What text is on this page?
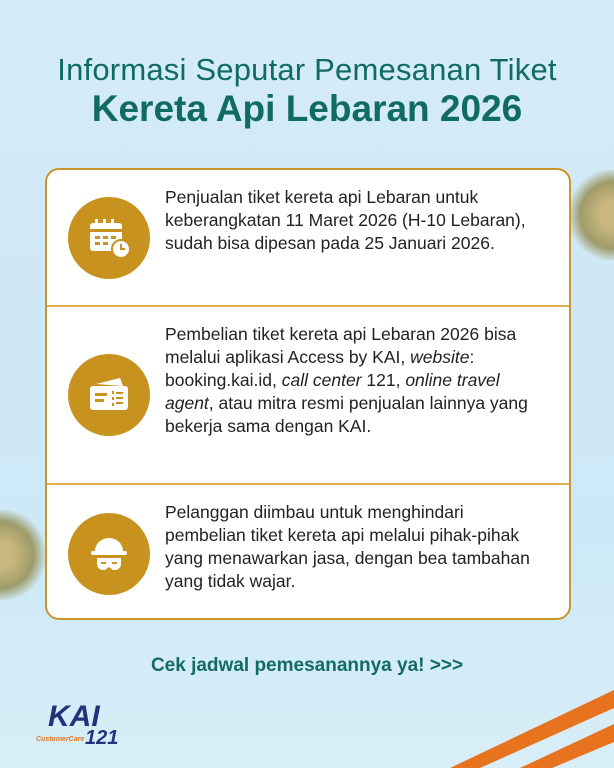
Informasi Seputar Pemesanan Tiket
Kereta Api Lebaran 2026
Penjualan tiket kereta api Lebaran untuk keberangkatan 11 Maret 2026 (H-10 Lebaran), sudah bisa dipesan pada 25 Januari 2026.
Pembelian tiket kereta api Lebaran 2026 bisa melalui aplikasi Access by KAI, website: booking.kai.id, call center 121, online travel agent, atau mitra resmi penjualan lainnya yang bekerja sama dengan KAI.
Pelanggan diimbau untuk menghindari pembelian tiket kereta api melalui pihak-pihak yang menawarkan jasa, dengan bea tambahan yang tidak wajar.
Cek jadwal pemesanannya ya! >>>
KAI
CustomerCare 121
